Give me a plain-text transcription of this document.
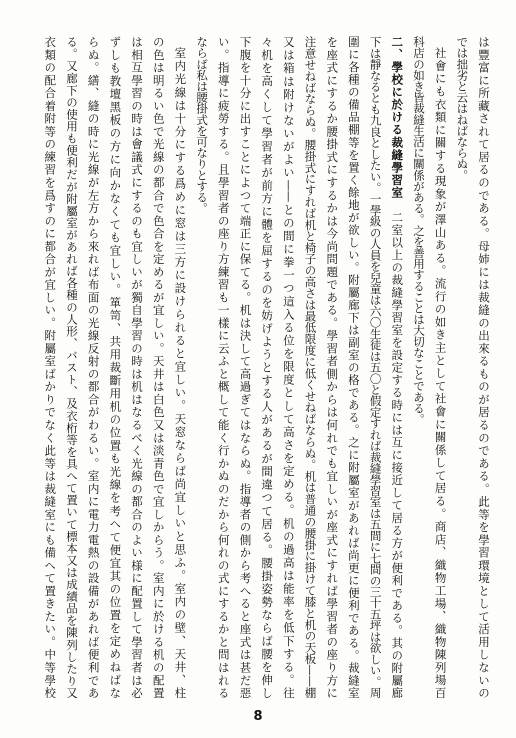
は豐富に所藏されて居るのである。母姉には裁縫の出來るものが居るのである。此等を學習環境として活用しないの
では拙劣と云はねばならぬ。
社會にも衣類に關する現象が澤山ある。流行の如き主として社會に關係して居る。商店、織物工場、織物陳列場百
科店の如き皆裁縫生活に關係がある。之を善用することは大切なことである。
二、學校に於ける裁縫學習室　二室以上の裁縫學習室を設定する時には互に接近して居る方が便利である。其の附屬廊
下は靜なるとも九良としたい。一學級の人員を兒童は六〇生徒は五〇と假定すれば裁縫學習室は五間に七間の三十五坪は欲しい。周
圍に各種の備品棚等を置く餘地が欲しい。附屬廊下は副室の格である。之に附屬室があれば尚更に便利である。裁縫室
を座式にするか腰掛式にするかは今尚問題である。學習者側からは何れでも宜しいが座式にすれば學習者の座り方に
注意せねばならぬ。腰掛式にすれば机と椅子の高さは最低限度に低くせねばならぬ。机は普通の腰掛に掛けて膝と机の天板——棚
又は箱は附けないがよい——との間に拳一つ這入る位を限度として高さを定める。机の過高は能率を低下する。往
々机を高くして學習者が前方に體を屈するのを妨げようとする人があるが間違つて居る。腰掛姿勢ならば腰を伸し
下腹を十分に出すことによつて端正に保てる。机は決して高過ぎてはならぬ。指導者の側から考へると座式は甚だ惡
い。指導に疲勞する。且學習者の座り方練習も一樣に云ふと概して能く行かぬのだから何れの式にするかと問はれる
ならば私は腰掛式を可なりとする。
室内光線は十分にする爲めに窓は三方に設けられると宜しい。天窓ならば尚宜しいと思ふ。室内の壁、天井、柱
の色は明るい色で光線の都合で色合を定めるが宜しい。天井は白色又は淡青色で宜しからう。室内に於ける机の配置
は相互學習の時は會議式にするのも宜しいが獨自學習の時は机はなるべく光線の都合のよい様に配置して學習者は必
ずしも教壇黑板の方に向かなくても宜しい。箪笥、共用裁斷用机の位置も光線を考へて便宜其の位置を定めねばな
らぬ。繕、縫の時に光線が左方から來れば布面の光線反射の都合がわるい。室内に電力電熱の設備があれば便利であ
る。又廊下の使用も便利だが附屬室があれば各種の人形、バスト、及衣桁等を具へて置いて標本又は成績品を陳列したり又
衣類の配合着附等の練習を爲すのに都合が宜しい。附屬室ばかりでなく此等は裁縫室にも備へて置きたい。中等學校
8
